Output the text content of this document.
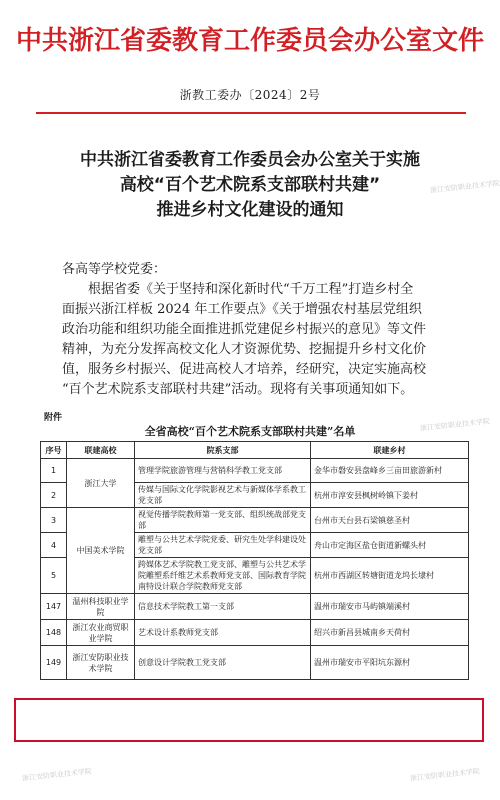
中共浙江省委教育工作委员会办公室文件
浙教工委办〔2024〕2号
中共浙江省委教育工作委员会办公室关于实施
高校“百个艺术院系支部联村共建”
推进乡村文化建设的通知
浙江安防职业技术学院
浙江安防职业技术学院
浙江安防职业技术学院	浙江安防职业技术学院
各高等学校党委：
根据省委《关于坚持和深化新时代“千万工程”打造乡村全
面振兴浙江样板 2024 年工作要点》《关于增强农村基层党组织
政治功能和组织功能全面推进抓党建促乡村振兴的意见》等文件
精神，为充分发挥高校文化人才资源优势、挖掘提升乡村文化价
值，服务乡村振兴、促进高校人才培养，经研究，决定实施高校
“百个艺术院系支部联村共建”活动。现将有关事项通知如下。
附件
全省高校“百个艺术院系支部联村共建”名单
序号	联建高校	院系支部	联建乡村
1	浙江大学	管理学院旅游管理与营销科学教工党支部	金华市磐安县盘峰乡三亩田旅游新村
2		传媒与国际文化学院影视艺术与新媒体学系教工党支部	杭州市淳安县枫树岭镇下姜村
3	中国美术学院	视觉传播学院教师第一党支部、组织统战部党支部	台州市天台县石梁镇慈圣村
4		雕塑与公共艺术学院党委、研究生处学科建设处党支部	舟山市定海区盐仓街道新螺头村
5		跨媒体艺术学院教工党支部、雕塑与公共艺术学院雕塑系纤维艺术系教师党支部、国际教育学院南特设计联合学院教师党支部	杭州市西湖区转塘街道龙坞长埭村
147	温州科技职业学院	信息技术学院教工第一支部	温州市瑞安市马屿镇端溪村
148	浙江农业商贸职业学院	艺术设计系教师党支部	绍兴市新昌县城南乡天荷村
149	浙江安防职业技术学院	创意设计学院教工党支部	温州市瑞安市平阳坑东源村
